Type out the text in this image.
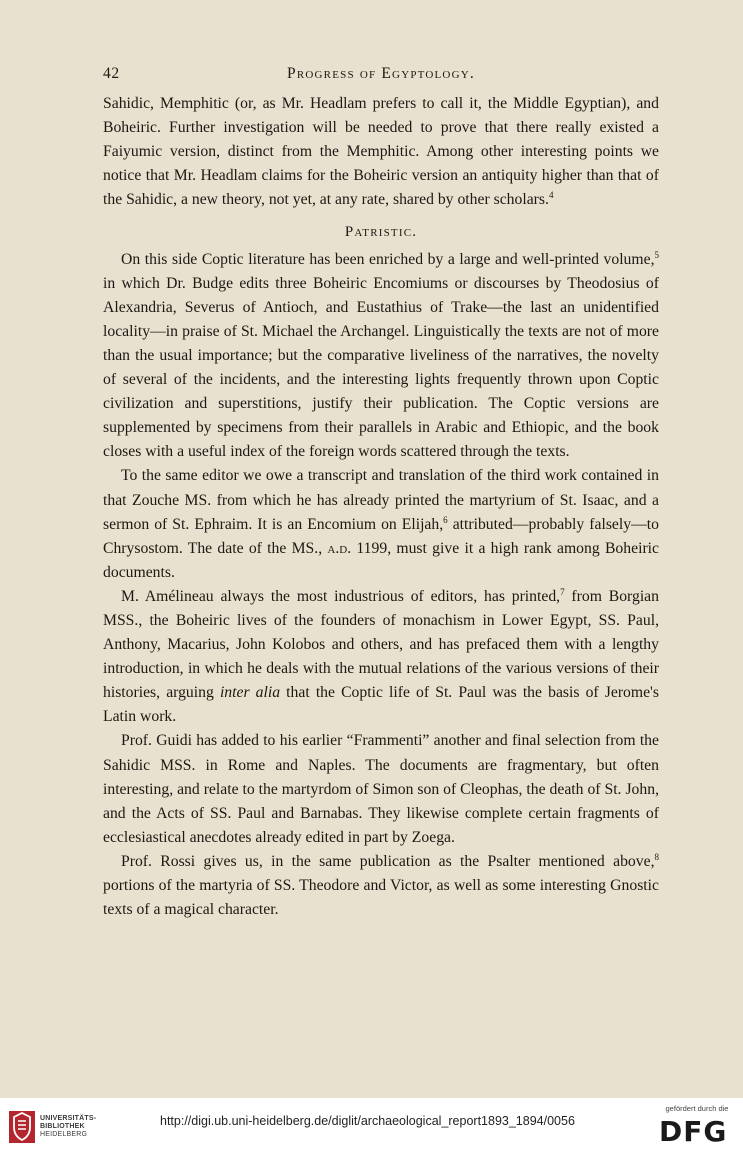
42	Progress of Egyptology.

Sahidic, Memphitic (or, as Mr. Headlam prefers to call it, the Middle Egyptian), and Boheiric. Further investigation will be needed to prove that there really existed a Faiyumic version, distinct from the Memphitic. Among other interesting points we notice that Mr. Headlam claims for the Boheiric version an antiquity higher than that of the Sahidic, a new theory, not yet, at any rate, shared by other scholars.$^4$

Patristic.

On this side Coptic literature has been enriched by a large and well-printed volume,$^5$ in which Dr. Budge edits three Boheiric Encomiums or discourses by Theodosius of Alexandria, Severus of Antioch, and Eustathius of Trake—the last an unidentified locality—in praise of St. Michael the Archangel. Linguistically the texts are not of more than the usual importance; but the comparative liveliness of the narratives, the novelty of several of the incidents, and the interesting lights frequently thrown upon Coptic civilization and superstitions, justify their publication. The Coptic versions are supplemented by specimens from their parallels in Arabic and Ethiopic, and the book closes with a useful index of the foreign words scattered through the texts.

To the same editor we owe a transcript and translation of the third work contained in that Zouche MS. from which he has already printed the martyrium of St. Isaac, and a sermon of St. Ephraim. It is an Encomium on Elijah,$^6$ attributed—probably falsely—to Chrysostom. The date of the MS., a.d. 1199, must give it a high rank among Boheiric documents.

M. Amélineau always the most industrious of editors, has printed,$^7$ from Borgian MSS., the Boheiric lives of the founders of monachism in Lower Egypt, SS. Paul, Anthony, Macarius, John Kolobos and others, and has prefaced them with a lengthy introduction, in which he deals with the mutual relations of the various versions of their histories, arguing inter alia that the Coptic life of St. Paul was the basis of Jerome's Latin work.

Prof. Guidi has added to his earlier “Frammenti” another and final selection from the Sahidic MSS. in Rome and Naples. The documents are fragmentary, but often interesting, and relate to the martyrdom of Simon son of Cleophas, the death of St. John, and the Acts of SS. Paul and Barnabas. They likewise complete certain fragments of ecclesiastical anecdotes already edited in part by Zoega.

Prof. Rossi gives us, in the same publication as the Psalter mentioned above,$^8$ portions of the martyria of SS. Theodore and Victor, as well as some interesting Gnostic texts of a magical character.

UNIVERSITÄTS-
BIBLIOTHEK
HEIDELBERG
http://digi.ub.uni-heidelberg.de/diglit/archaeological_report1893_1894/0056
gefördert durch die
DFG
